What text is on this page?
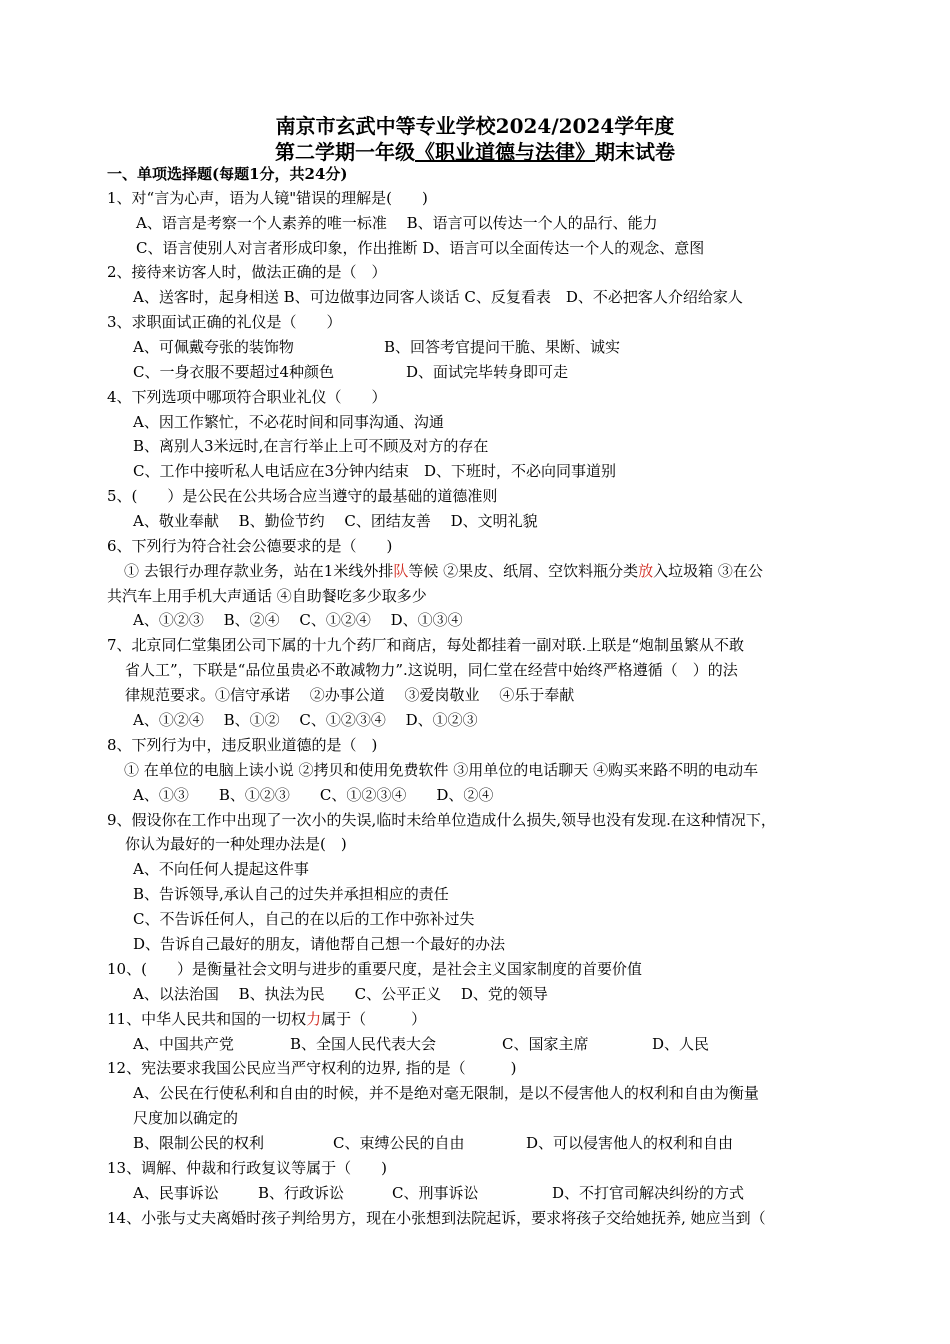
南京市玄武中等专业学校2024/2024学年度
第二学期一年级《职业道德与法律》期末试卷
一、单项选择题(每题1分，共24分)
1、对“言为心声，语为人镜"错误的理解是(　　)
A、语言是考察一个人素养的唯一标准　 B、语言可以传达一个人的品行、能力
C、语言使别人对言者形成印象，作出推断 D、语言可以全面传达一个人的观念、意图
2、接待来访客人时，做法正确的是（　）
A、送客时，起身相送 B、可边做事边同客人谈话 C、反复看表　D、不必把客人介绍给家人
3、求职面试正确的礼仪是（　　）
A、可佩戴夸张的装饰物	B、回答考官提问干脆、果断、诚实
C、一身衣服不要超过4种颜色	D、面试完毕转身即可走
4、下列选项中哪项符合职业礼仪（　　）
A、因工作繁忙，不必花时间和同事沟通、沟通
B、离别人3米远时,在言行举止上可不顾及对方的存在
C、工作中接听私人电话应在3分钟内结束　D、下班时，不必向同事道别
5、(　　）是公民在公共场合应当遵守的最基础的道德准则
A、敬业奉献　 B、勤俭节约　 C、团结友善　 D、文明礼貌
6、下列行为符合社会公德要求的是（　　)
① 去银行办理存款业务，站在1米线外排队等候 ②果皮、纸屑、空饮料瓶分类放入垃圾箱 ③在公
共汽车上用手机大声通话 ④自助餐吃多少取多少
A、①②③　 B、②④　 C、①②④　 D、①③④
7、北京同仁堂集团公司下属的十九个药厂和商店，每处都挂着一副对联.上联是“炮制虽繁从不敢
省人工”，下联是“品位虽贵必不敢减物力”.这说明，同仁堂在经营中始终严格遵循（　）的法
律规范要求。①信守承诺　 ②办事公道　 ③爱岗敬业　 ④乐于奉献
A、①②④　 B、①②　 C、①②③④　 D、①②③
8、下列行为中，违反职业道德的是（　)
① 在单位的电脑上读小说 ②拷贝和使用免费软件 ③用单位的电话聊天 ④购买来路不明的电动车
A、①③　　B、①②③　　C、①②③④　　D、②④
9、假设你在工作中出现了一次小的失误,临时未给单位造成什么损失,领导也没有发现.在这种情况下，
你认为最好的一种处理办法是(　)
A、不向任何人提起这件事
B、告诉领导,承认自己的过失并承担相应的责任
C、不告诉任何人，自己的在以后的工作中弥补过失
D、告诉自己最好的朋友，请他帮自己想一个最好的办法
10、(　　）是衡量社会文明与进步的重要尺度，是社会主义国家制度的首要价值
A、以法治国　 B、执法为民　　C、公平正义　 D、党的领导
11、中华人民共和国的一切权力属于（　　　）
A、中国共产党	B、全国人民代表大会	C、国家主席	D、人民
12、宪法要求我国公民应当严守权利的边界, 指的是（　　　)
A、公民在行使私利和自由的时候，并不是绝对毫无限制，是以不侵害他人的权利和自由为衡量
尺度加以确定的
B、限制公民的权利	C、束缚公民的自由	D、可以侵害他人的权利和自由
13、调解、仲裁和行政复议等属于（　　)
A、民事诉讼	B、行政诉讼	C、刑事诉讼	D、不打官司解决纠纷的方式
14、小张与丈夫离婚时孩子判给男方，现在小张想到法院起诉，要求将孩子交给她抚养, 她应当到（
